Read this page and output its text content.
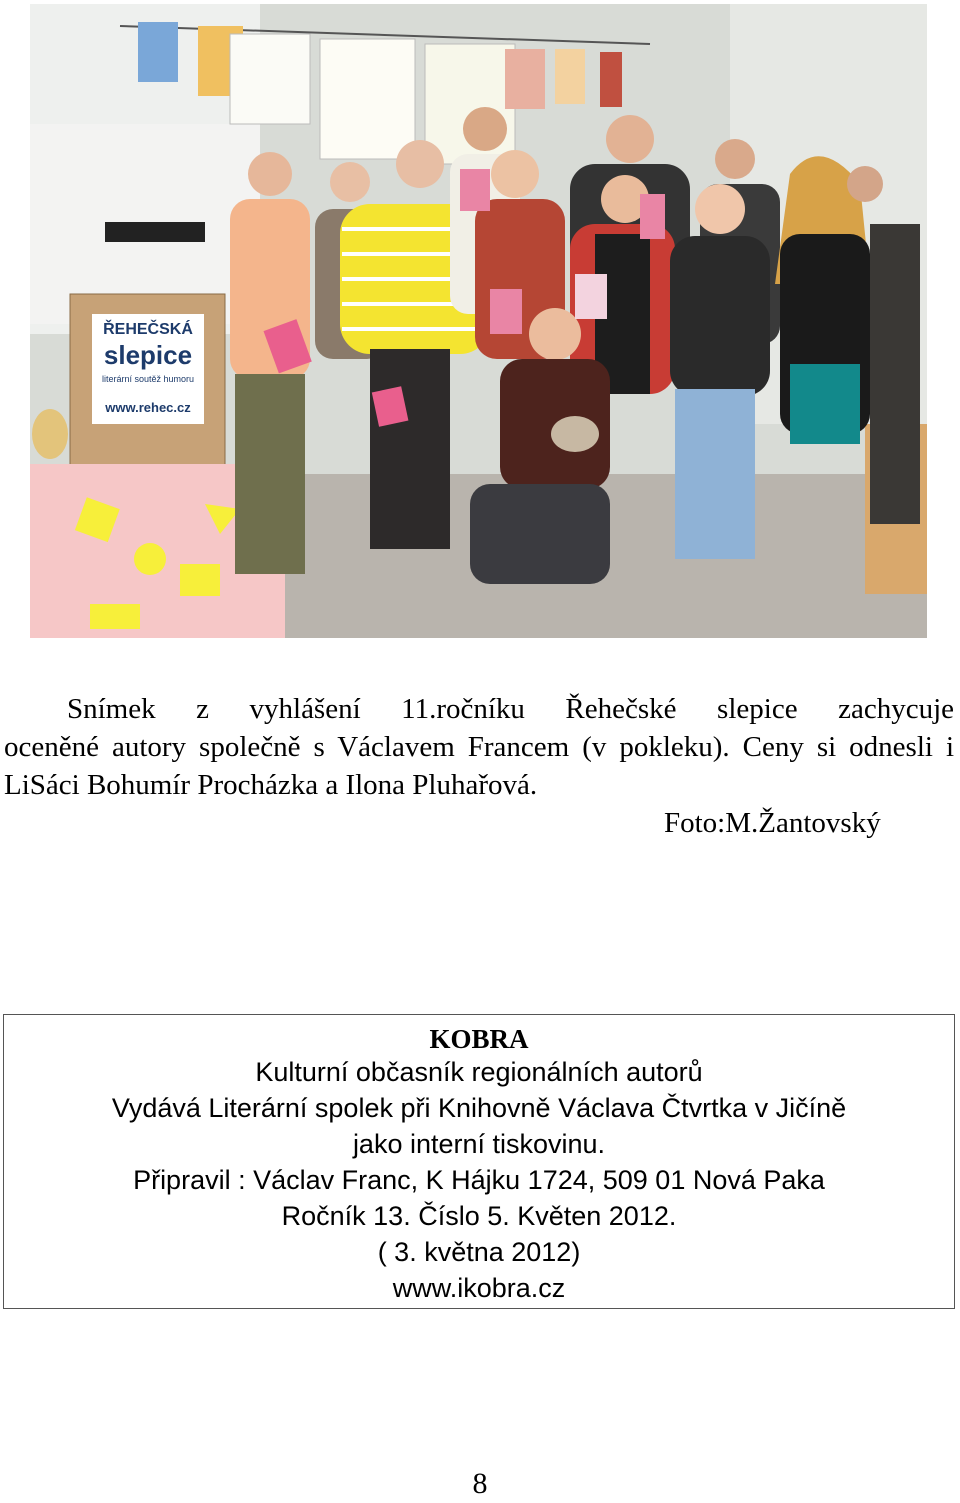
ŘEHEČSKÁ
slepice
literární soutěž humoru
www.rehec.cz

Snímek z vyhlášení 11.ročníku Řehečské slepice zachycuje

oceněné autory společně s Václavem Francem (v pokleku). Ceny si odnesli i LiSáci Bohumír Procházka a Ilona Pluhařová.

Foto:M.Žantovský

KOBRA
Kulturní občasník regionálních autorů
Vydává Literární spolek při Knihovně Václava Čtvrtka v Jičíně
jako interní tiskovinu.
Připravil : Václav Franc, K Hájku 1724, 509 01 Nová Paka
Ročník 13. Číslo 5. Květen 2012.
( 3. května 2012)
www.ikobra.cz
8
